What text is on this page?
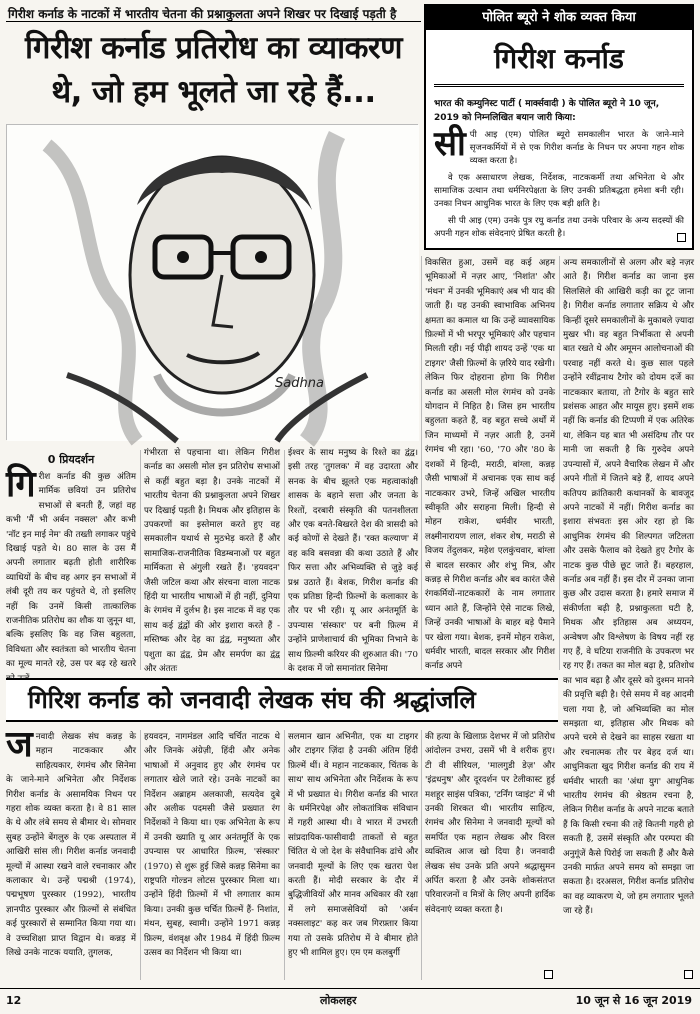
गिरीश कर्नाड के नाटकों में भारतीय चेतना की प्रश्नाकुलता अपने शिखर पर दिखाई पड़ती है
गिरीश कर्नाड प्रतिरोध का व्याकरण थे, जो हम भूलते जा रहे हैं...
Sadhna
पोलित ब्यूरो ने शोक व्यक्त किया
गिरीश कर्नाड
भारत की कम्युनिस्ट पार्टी ( मार्क्सवादी ) के पोलित ब्यूरो ने 10 जून, 2019 को निम्नलिखित बयान जारी किया:
सी पी आइ (एम) पोलित ब्यूरो समकालीन भारत के जाने-माने सृजनकर्मियों में से एक गिरीश कर्नाड के निधन पर अपना गहन शोक व्यक्त करता है।
वे एक असाधारण लेखक, निर्देशक, नाटककर्मी तथा अभिनेता थे और सामाजिक उत्थान तथा धर्मनिरपेक्षता के लिए उनकी प्रतिबद्धता हमेशा बनी रही। उनका निधन आधुनिक भारत के लिए एक बड़ी क्षति है।
सी पी आइ (एम) उनके पुत्र रघु कर्नाड तथा उनके परिवार के अन्य सदस्यों की अपनी गहन शोक संवेदनाएं प्रेषित करती है।
0 प्रियदर्शन
गि रीश कर्नाड की कुछ अंतिम मार्मिक छवियां उन प्रतिरोध सभाओं से बनती हैं, जहां वह कभी 'मैं भी अर्बन नक्सल' और कभी 'नॉट इन माई नेम' की तख्ती लगाकर पहुंचे दिखाई पड़ते थे। 80 साल के उस मैं अपनी लगातार बढ़ती होती शारीरिक व्याधियों के बीच वह अगर इन सभाओं में लंबी दूरी तय कर पहुंचते थे, तो इसलिए नहीं कि उनमें किसी तात्कालिक राजनीतिक प्रतिरोध का शौक या जुनून था, बल्कि इसलिए कि वह जिस बहुलता, विविधता और स्वतंत्रता को भारतीय चेतना का मूल्य मानते रहे, उस पर बढ़ रहे खतरे
गंभीरता से पहचाना था। लेकिन गिरीश कर्नाड का असली मोल इन प्रतिरोध सभाओं से कहीं बहुत बड़ा है। उनके नाटकों में भारतीय चेतना की प्रश्नाकुलता अपने शिखर पर दिखाई पड़ती है। मिथक और इतिहास के उपकरणों का इस्तेमाल करते हुए वह समकालीन यथार्थ से मुठभेड़ करते हैं और सामाजिक-राजनीतिक विडम्बनाओं पर बहुत मार्मिकता से अंगुली रखते हैं। 'हयवदन' जैसी जटिल कथा और संरचना वाला नाटक हिंदी या भारतीय भाषाओं में ही नहीं, दुनिया के रंगमंच में दुर्लभ है। इस नाटक में वह एक साथ कई द्वंद्वों की ओर इशारा करते हैं - मस्तिष्क और देह का द्वंद्व, मनुष्यता और पशुता का द्वंद्व, प्रेम और समर्पण का द्वंद्व और अंततः
ईश्वर के साथ मनुष्य के रिश्ते का द्वंद्व। इसी तरह 'तुगलक' में वह उदारता और सनक के बीच झूलते एक महत्वाकांक्षी शासक के बहाने सत्ता और जनता के रिश्तों, दरबारी संस्कृति की पतनशीलता और एक बनते-बिखरते देश की त्रासदी को कई कोणों से देखते हैं। 'रक्त कल्याण' में वह कवि बसवन्ना की कथा उठाते हैं और फिर सत्ता और अभिव्यक्ति से जुड़े कई प्रश्न उठाते हैं। बेशक, गिरीश कर्नाड की एक प्रतिष्ठा हिन्दी फ़िल्मों के कलाकार के तौर पर भी रही। यू आर अनंतमूर्ति के उपन्यास 'संस्कार' पर बनी फ़िल्म में उन्होंने प्राणेशाचार्य की भूमिका निभाने के साथ फ़िल्मी करियर की शुरुआत की। '70 के दशक में जो समानांतर सिनेमा
विकसित हुआ, उसमें वह कई अहम भूमिकाओं में नज़र आए, 'निशांत' और 'मंथन' में उनकी भूमिकाएं अब भी याद की जाती हैं। यह उनकी स्वाभाविक अभिनय क्षमता का कमाल था कि उन्हें व्यावसायिक फ़िल्मों में भी भरपूर भूमिकाएं और पहचान मिलती रही। नई पीढ़ी शायद उन्हें 'एक था टाइगर' जैसी फ़िल्मों के ज़रिये याद रखेगी। लेकिन फिर दोहराना होगा कि गिरीश कर्नाड का असली मोल रंगमंच को उनके योगदान में निहित है। जिस हम भारतीय बहुलता कहते हैं, वह बहुत सच्चे अर्थों में जिन माध्यमों में नज़र आती है, उनमें रंगमंच भी रहा। '60, '70 और '80 के दशकों में हिन्दी, मराठी, बांग्ला, कन्नड़ जैसी भाषाओं में अचानक एक साथ कई नाटककार उभरे, जिन्हें अखिल भारतीय स्वीकृति और सराहना मिली। हिन्दी से मोहन राकेश, धर्मवीर भारती, लक्ष्मीनारायण लाल, शंकर शेष, मराठी से विजय तेंदुलकर, महेश एलकुंचवार, बांग्ला से बादल सरकार और शंभु मित्र, और कन्नड़ से गिरीश कर्नाड और बव कारंत जैसे रंगकर्मियों-नाटककारों के नाम लगातार ध्यान आते हैं, जिन्होंने ऐसे नाटक लिखे, जिन्हें उनकी भाषाओं के बाहर बड़े पैमाने पर खेला गया। बेशक, इनमें मोहन राकेश, धर्मवीर भारती, बादल सरकार और गिरीश कर्नाड अपने
अन्य समकालीनों से अलग और बड़े नज़र आते हैं। गिरीश कर्नाड का जाना इस सिलसिले की आखिरी कड़ी का टूट जाना है। गिरीश कर्नाड लगातार सक्रिय थे और किन्हीं दूसरे समकालीनों के मुकाबले ज़्यादा मुखर भी। वह बहुत निर्भीकता से अपनी बात रखते थे और अमूमन आलोचनाओं की परवाह नहीं करते थे। कुछ साल पहले उन्होंने रवींद्रनाथ टैगोर को दोयम दर्जे का नाटककार बताया, तो टैगोर के बहुत सारे प्रशंसक आहत और मायूस हुए। इसमें शक नहीं कि कर्नाड की टिप्पणी में एक अतिरेक था, लेकिन यह बात भी असंदिग्ध तौर पर मानी जा सकती है कि गुरुदेव अपने उपन्यासों में, अपने वैचारिक लेखन में और अपने गीतों में जितने बड़े हैं, शायद अपने कतिपय क्रांतिकारी कथानकों के बावजूद अपने नाटकों में नहीं। गिरीश कर्नाड का इशारा संभवतः इस ओर रहा हो कि आधुनिक रंगमंच की शिल्पगत जटिलता और उसके फैलाव को देखते हुए टैगोर के नाटक कुछ पीछे छूट जाते हैं। बहरहाल, कर्नाड अब नहीं हैं। इस दौर में उनका जाना कुछ और उदास करता है। हमारे समाज में संकीर्णता बढ़ी है, प्रश्नाकुलता घटी है, मिथक और इतिहास अब अध्ययन, अन्वेषण और विश्लेषण के विषय नहीं रह गए हैं, वे घटिया राजनीति के उपकरण भर रह गए हैं। तकत का मोल बढ़ा है, प्रतिशोध का भाव बढ़ा है और दूसरे को दुश्मन मानने की प्रवृत्ति बढ़ी है। ऐसे समय में वह आदमी चला गया है, जो अभिव्यक्ति का मोल समझता था, इतिहास और मिथक को अपने चरमे से देखने का साहस रखता था और रचनात्मक तौर पर बेहद दर्ज था। आधुनिकता खुद गिरीश कर्नाड की राय में धर्मवीर भारती का 'अंधा युग' आधुनिक भारतीय रंगमंच की श्रेष्ठतम रचना है, लेकिन गिरीश कर्नाड के अपने नाटक बताते हैं कि किसी रचना की तहें कितनी गहरी हो सकती हैं, उसमें संस्कृति और परम्परा की अनुगूंजें कैसे पिरोई जा सकती हैं और कैसे उनकी मार्फ़त अपने समय को समझा जा सकता है। दरअसल, गिरीश कर्नाड प्रतिरोध का वह व्याकरण थे, जो हम लगातार भूलते जा रहे हैं।
गिरिश कर्नाड को जनवादी लेखक संघ की श्रद्धांजलि
ज नवादी लेखक संघ कन्नड़ के महान नाटककार और साहित्यकार, रंगमंच और सिनेमा के जाने-माने अभिनेता और निर्देशक गिरीश कर्नाड के असामयिक निधन पर गहरा शोक व्यक्त करता है। वे 81 साल के थे और लंबे समय से बीमार थे। सोमवार सुबह उन्होंने बेंगलुरु के एक अस्पताल में आखिरी सांस ली। गिरीश कर्नाड जनवादी मूल्यों में आस्था रखने वाले रचनाकार और कलाकार थे। उन्हें पद्मश्री (1974), पद्मभूषण पुरस्कार (1992), भारतीय ज्ञानपीठ पुरस्कार और फ़िल्मों से संबंधित कई पुरस्कारों से सम्मानित किया गया था। वे उच्चशिक्षा प्राप्त विद्वान थे। कन्नड़ में लिखे उनके नाटक ययाति, तुगलक,
हयवदन, नागमंडल आदि चर्चित नाटक थे और जिनके अंग्रेज़ी, हिंदी और अनेक भाषाओं में अनुवाद हुए और रंगमंच पर लगातार खेले जाते रहे। उनके नाटकों का निर्देशन अब्राहम अलकाजी, सत्यदेव दुबे और अलीक पदमसी जैसे प्रख्यात रंग निर्देशकों ने किया था। एक अभिनेता के रूप में उनकी ख्याति यू आर अनंतमूर्ति के एक उपन्यास पर आधारित फ़िल्म, 'संस्कार' (1970) से शुरू हुई जिसे कन्नड़ सिनेमा का राष्ट्रपति गोल्डन लोटस पुरस्कार मिला था। उन्होंने हिंदी फ़िल्मों में भी लगातार काम किया। उनकी कुछ चर्चित फ़िल्में हैं- निशांत, मंथन, सुबह, स्वामी। उन्होंने 1971 कन्नड़ फ़िल्म, वंशवृक्ष और 1984 में हिंदी फ़िल्म उत्सव का निर्देशन भी किया था।
सलमान खान अभिनीत, एक था टाइगर और टाइगर ज़िंदा है उनकी अंतिम हिंदी फ़िल्में थीं। वे महान नाटककार, चिंतक के साथ' साथ अभिनेता और निर्देशक के रूप में भी प्रख्यात थे। गिरीश कर्नाड की भारत के धर्मनिरपेक्ष और लोकतांत्रिक संविधान में गहरी आस्था थी। वे भारत में उभरती सांप्रदायिक-फासीवादी ताकतों से बहुत चिंतित थे जो देश के संवैधानिक ढांचे और जनवादी मूल्यों के लिए एक खतरा पेश करती हैं। मोदी सरकार के दौर में बुद्धिजीवियों और मानव अधिकार की रक्षा में लगे समाजसेवियों को 'अर्बन नक्सलाइट' कह कर जब गिरफ़्तार किया गया तो उसके प्रतिरोध में वे बीमार होते हुए भी शामिल हुए। एम एम कलबुर्गी
की हत्या के खिलाफ़ देशभर में जो प्रतिरोध आंदोलन उभरा, उसमें भी वे शरीक हुए। टी वी सीरियल, 'मालगुडी डेज़' और 'इंद्रधनुष' और दूरदर्शन पर टेलीकास्ट हुई मशहूर साइंस पत्रिका, 'टर्निंग प्वाइंट' में भी उनकी शिरकत थी। भारतीय साहित्य, रंगमंच और सिनेमा ने जनवादी मूल्यों को समर्पित एक महान लेखक और विरल व्यक्तित्व आज खो दिया है। जनवादी लेखक संघ उनके प्रति अपने श्रद्धासुमन अर्पित करता है और उनके शोकसंतप्त परिवारजनों व मित्रों के लिए अपनी हार्दिक संवेदनाएं व्यक्त करता है।
12	लोकलहर	10 जून से 16 जून 2019
